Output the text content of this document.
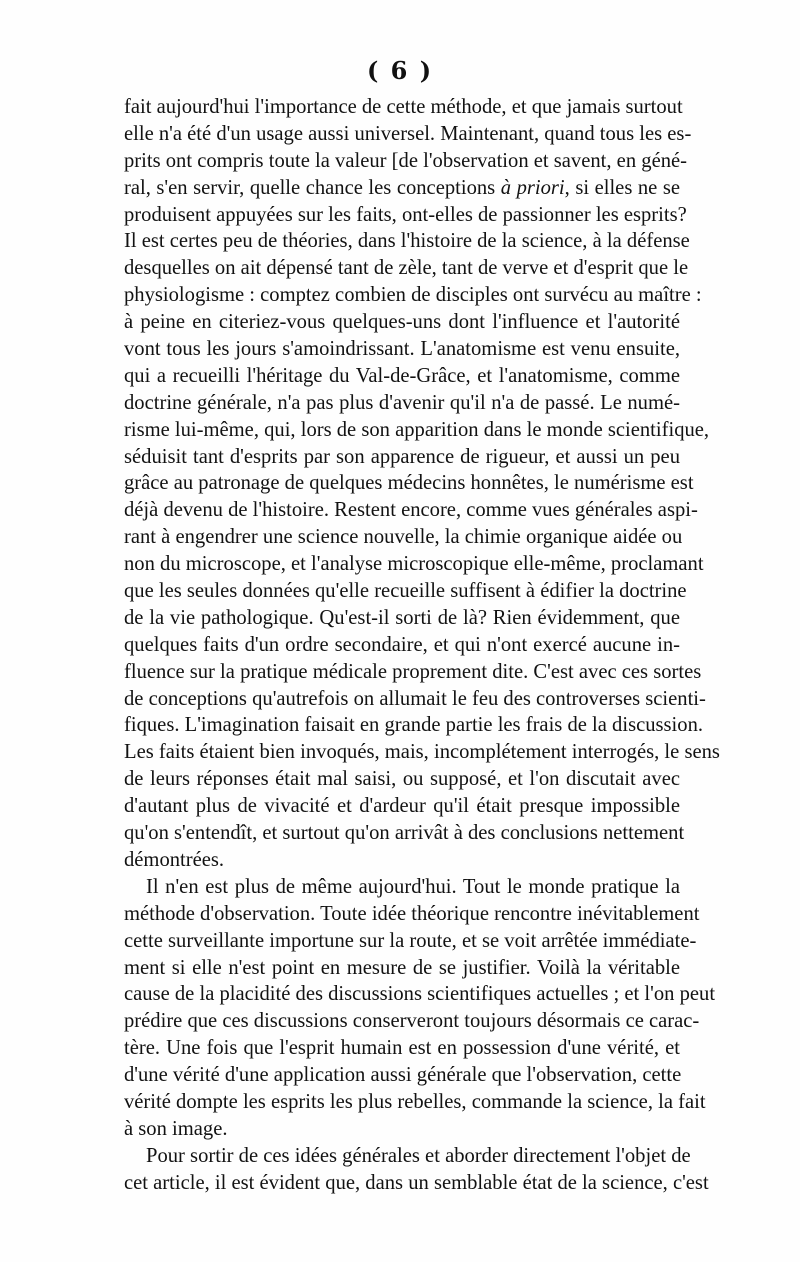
( 6 )
fait aujourd'hui l'importance de cette méthode, et que jamais surtout
elle n'a été d'un usage aussi universel. Maintenant, quand tous les es-
prits ont compris toute la valeur [de l'observation et savent, en géné-
ral, s'en servir, quelle chance les conceptions à priori, si elles ne se
produisent appuyées sur les faits, ont-elles de passionner les esprits?
Il est certes peu de théories, dans l'histoire de la science, à la défense
desquelles on ait dépensé tant de zèle, tant de verve et d'esprit que le
physiologisme : comptez combien de disciples ont survécu au maître :
à peine en citeriez-vous quelques-uns dont l'influence et l'autorité
vont tous les jours s'amoindrissant. L'anatomisme est venu ensuite,
qui a recueilli l'héritage du Val-de-Grâce, et l'anatomisme, comme
doctrine générale, n'a pas plus d'avenir qu'il n'a de passé. Le numé-
risme lui-même, qui, lors de son apparition dans le monde scientifique,
séduisit tant d'esprits par son apparence de rigueur, et aussi un peu
grâce au patronage de quelques médecins honnêtes, le numérisme est
déjà devenu de l'histoire. Restent encore, comme vues générales aspi-
rant à engendrer une science nouvelle, la chimie organique aidée ou
non du microscope, et l'analyse microscopique elle-même, proclamant
que les seules données qu'elle recueille suffisent à édifier la doctrine
de la vie pathologique. Qu'est-il sorti de là? Rien évidemment, que
quelques faits d'un ordre secondaire, et qui n'ont exercé aucune in-
fluence sur la pratique médicale proprement dite. C'est avec ces sortes
de conceptions qu'autrefois on allumait le feu des controverses scienti-
fiques. L'imagination faisait en grande partie les frais de la discussion.
Les faits étaient bien invoqués, mais, incomplétement interrogés, le sens
de leurs réponses était mal saisi, ou supposé, et l'on discutait avec
d'autant plus de vivacité et d'ardeur qu'il était presque impossible
qu'on s'entendît, et surtout qu'on arrivât à des conclusions nettement
démontrées.
Il n'en est plus de même aujourd'hui. Tout le monde pratique la
méthode d'observation. Toute idée théorique rencontre inévitablement
cette surveillante importune sur la route, et se voit arrêtée immédiate-
ment si elle n'est point en mesure de se justifier. Voilà la véritable
cause de la placidité des discussions scientifiques actuelles ; et l'on peut
prédire que ces discussions conserveront toujours désormais ce carac-
tère. Une fois que l'esprit humain est en possession d'une vérité, et
d'une vérité d'une application aussi générale que l'observation, cette
vérité dompte les esprits les plus rebelles, commande la science, la fait
à son image.
Pour sortir de ces idées générales et aborder directement l'objet de
cet article, il est évident que, dans un semblable état de la science, c'est
